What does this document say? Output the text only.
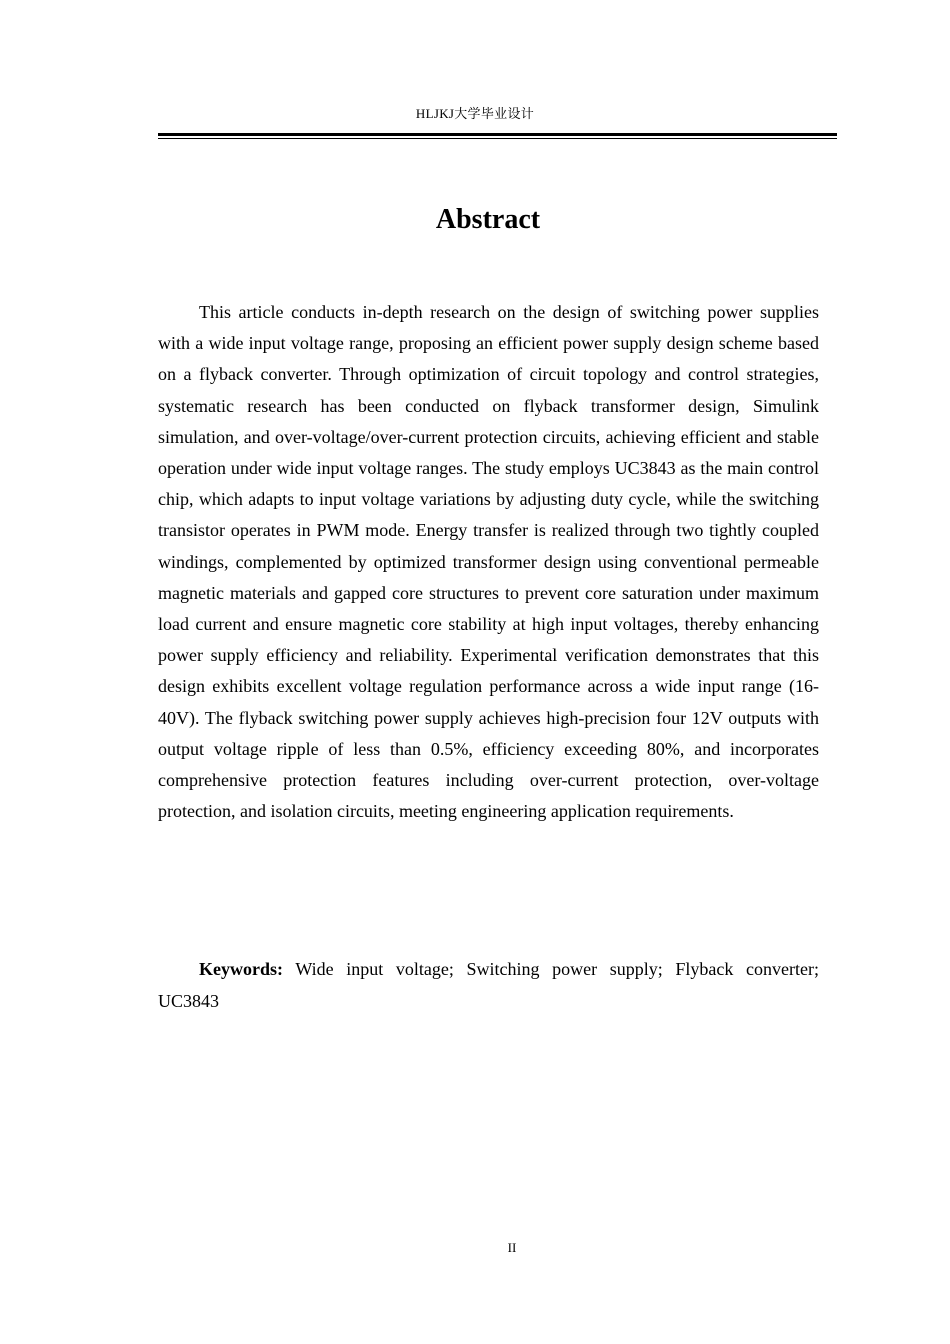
HLJKJ大学毕业设计
Abstract

This article conducts in-depth research on the design of switching power supplies with a wide input voltage range, proposing an efficient power supply design scheme based on a flyback converter. Through optimization of circuit topology and control strategies, systematic research has been conducted on flyback transformer design, Simulink simulation, and over-voltage/over-current protection circuits, achieving efficient and stable operation under wide input voltage ranges. The study employs UC3843 as the main control chip, which adapts to input voltage variations by adjusting duty cycle, while the switching transistor operates in PWM mode. Energy transfer is realized through two tightly coupled windings, complemented by optimized transformer design using conventional permeable magnetic materials and gapped core structures to prevent core saturation under maximum load current and ensure magnetic core stability at high input voltages, thereby enhancing power supply efficiency and reliability. Experimental verification demonstrates that this design exhibits excellent voltage regulation performance across a wide input range (16-40V). The flyback switching power supply achieves high-precision four 12V outputs with output voltage ripple of less than 0.5%, efficiency exceeding 80%, and incorporates comprehensive protection features including over-current protection, over-voltage protection, and isolation circuits, meeting engineering application requirements.

Keywords: Wide input voltage; Switching power supply; Flyback converter; UC3843

II
